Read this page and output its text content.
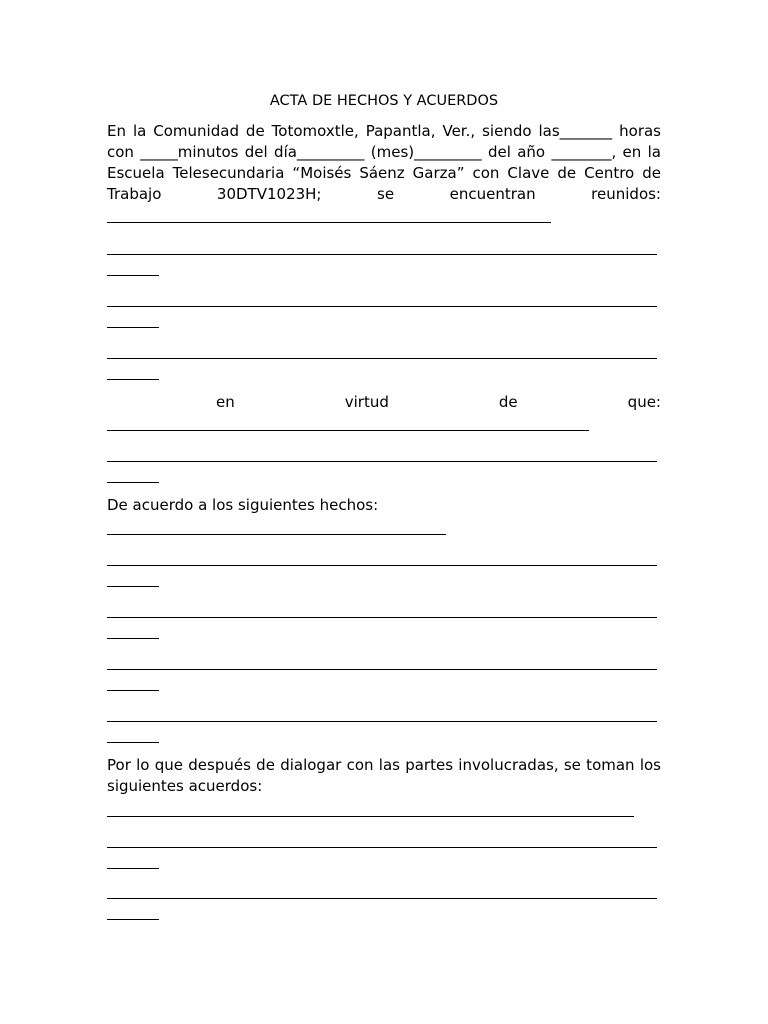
ACTA DE HECHOS Y ACUERDOS
En la Comunidad de Totomoxtle, Papantla, Ver., siendo las_______ horas
con _____minutos del día_________ (mes)_________ del año ________, en la
Escuela Telesecundaria “Moisés Sáenz Garza” con Clave de Centro de
Trabajo	30DTV1023H;	se	encuentran	reunidos:
en	virtud	de	que:
De acuerdo a los siguientes hechos:
Por lo que después de dialogar con las partes involucradas, se toman los
siguientes acuerdos:
